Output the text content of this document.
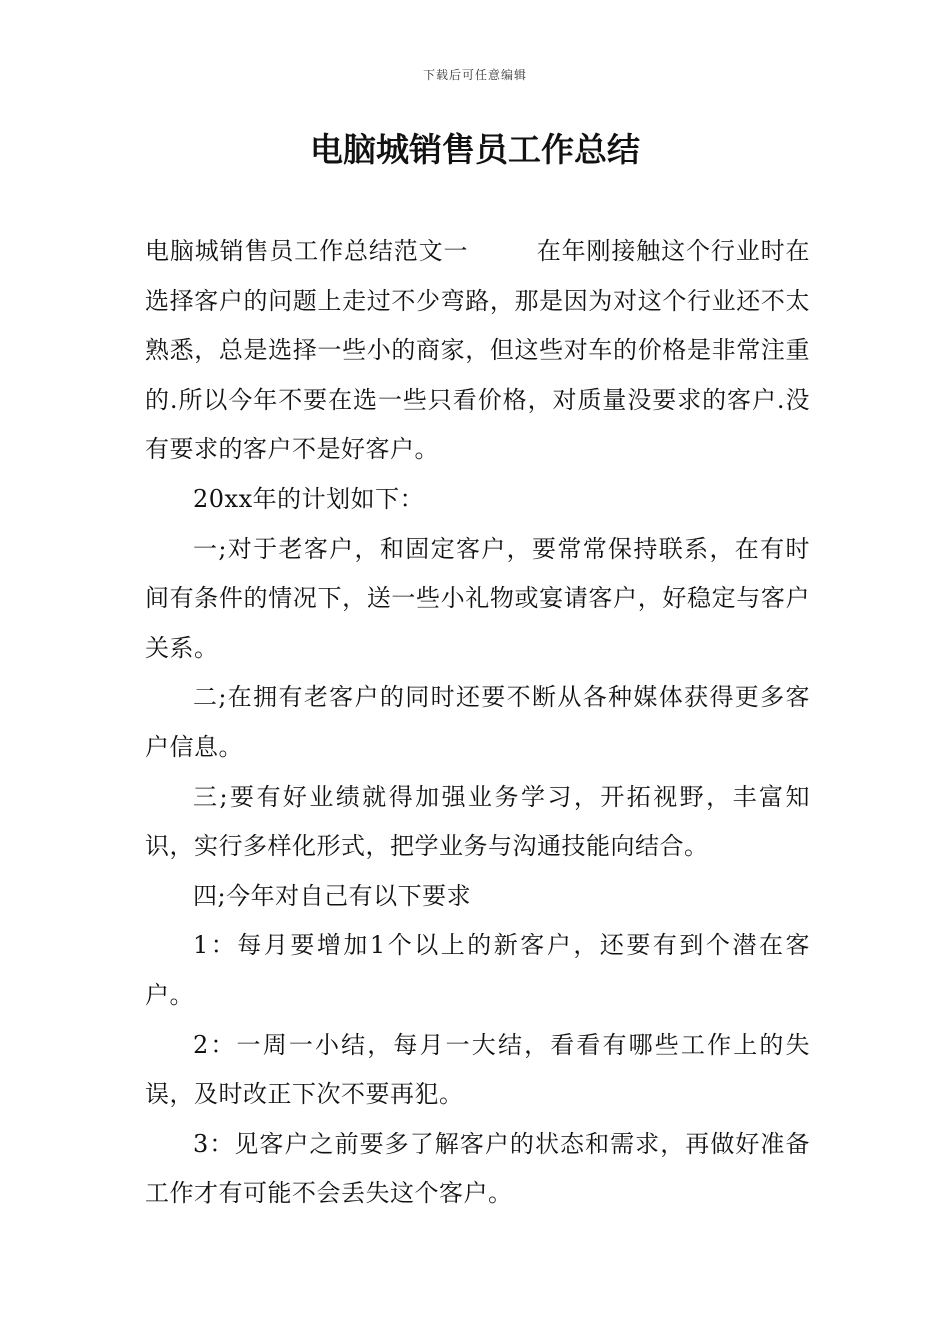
下载后可任意编辑
电脑城销售员工作总结

电脑城销售员工作总结范文一	在年刚接触这个行业时在选择客户的问题上走过不少弯路，那是因为对这个行业还不太熟悉，总是选择一些小的商家，但这些对车的价格是非常注重的.所以今年不要在选一些只看价格，对质量没要求的客户.没有要求的客户不是好客户。

20xx年的计划如下：

一;对于老客户，和固定客户，要常常保持联系，在有时间有条件的情况下，送一些小礼物或宴请客户，好稳定与客户关系。

二;在拥有老客户的同时还要不断从各种媒体获得更多客户信息。

三;要有好业绩就得加强业务学习，开拓视野，丰富知识，实行多样化形式，把学业务与沟通技能向结合。

四;今年对自己有以下要求

1：每月要增加1个以上的新客户，还要有到个潜在客户。

2：一周一小结，每月一大结，看看有哪些工作上的失误，及时改正下次不要再犯。

3：见客户之前要多了解客户的状态和需求，再做好准备工作才有可能不会丢失这个客户。
